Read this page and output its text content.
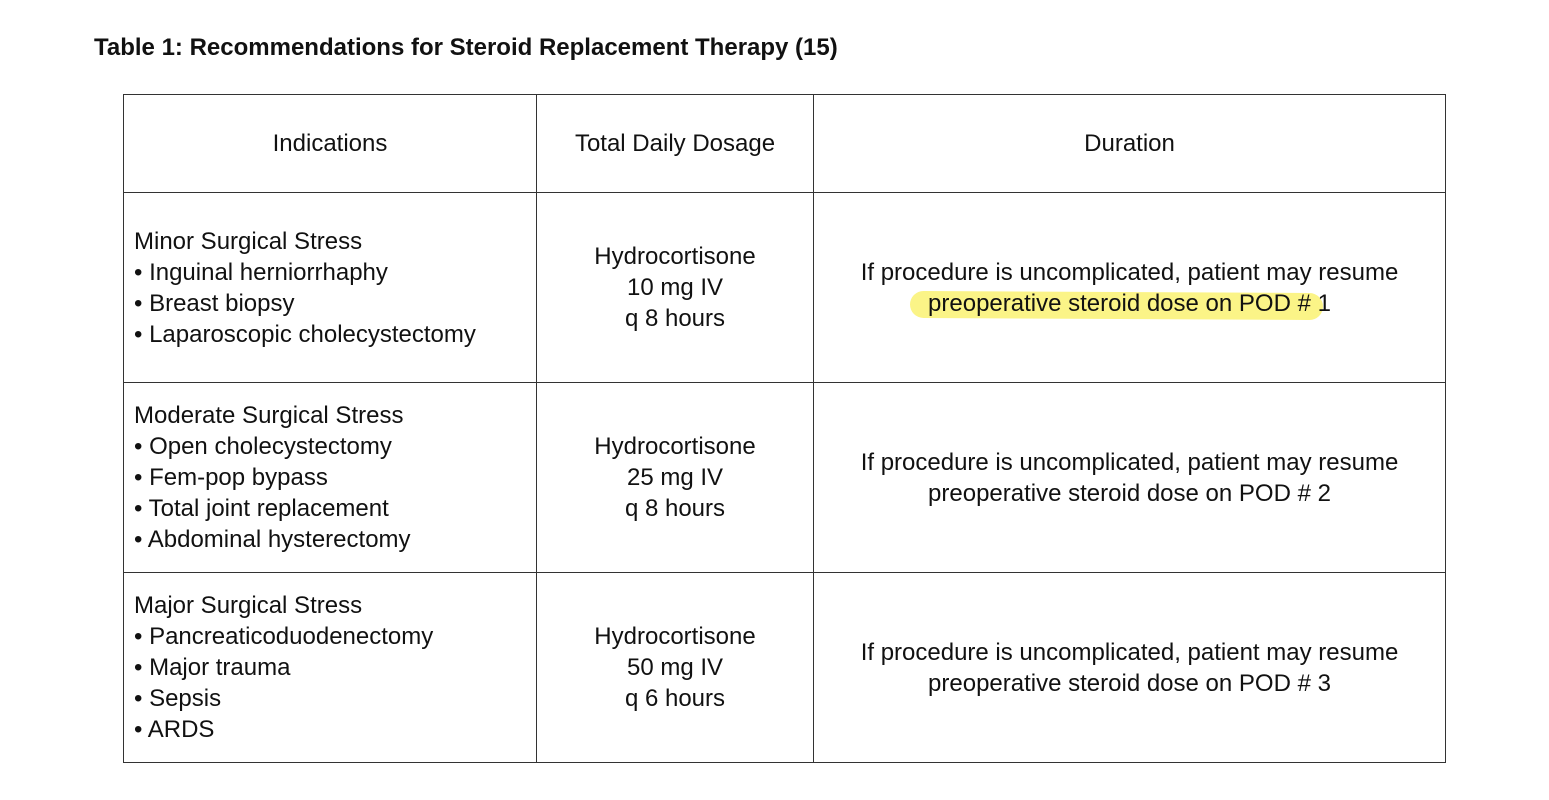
Table 1: Recommendations for Steroid Replacement Therapy (15)
Indications	Total Daily Dosage	Duration

Minor Surgical Stress
• Inguinal herniorrhaphy
• Breast biopsy
• Laparoscopic cholecystectomy	Hydrocortisone
10 mg IV
q 8 hours	If procedure is uncomplicated, patient may resume
preoperative steroid dose on POD # 1

Moderate Surgical Stress
• Open cholecystectomy
• Fem-pop bypass
• Total joint replacement
• Abdominal hysterectomy	Hydrocortisone
25 mg IV
q 8 hours	If procedure is uncomplicated, patient may resume
preoperative steroid dose on POD # 2

Major Surgical Stress
• Pancreaticoduodenectomy
• Major trauma
• Sepsis
• ARDS	Hydrocortisone
50 mg IV
q 6 hours	If procedure is uncomplicated, patient may resume
preoperative steroid dose on POD # 3
